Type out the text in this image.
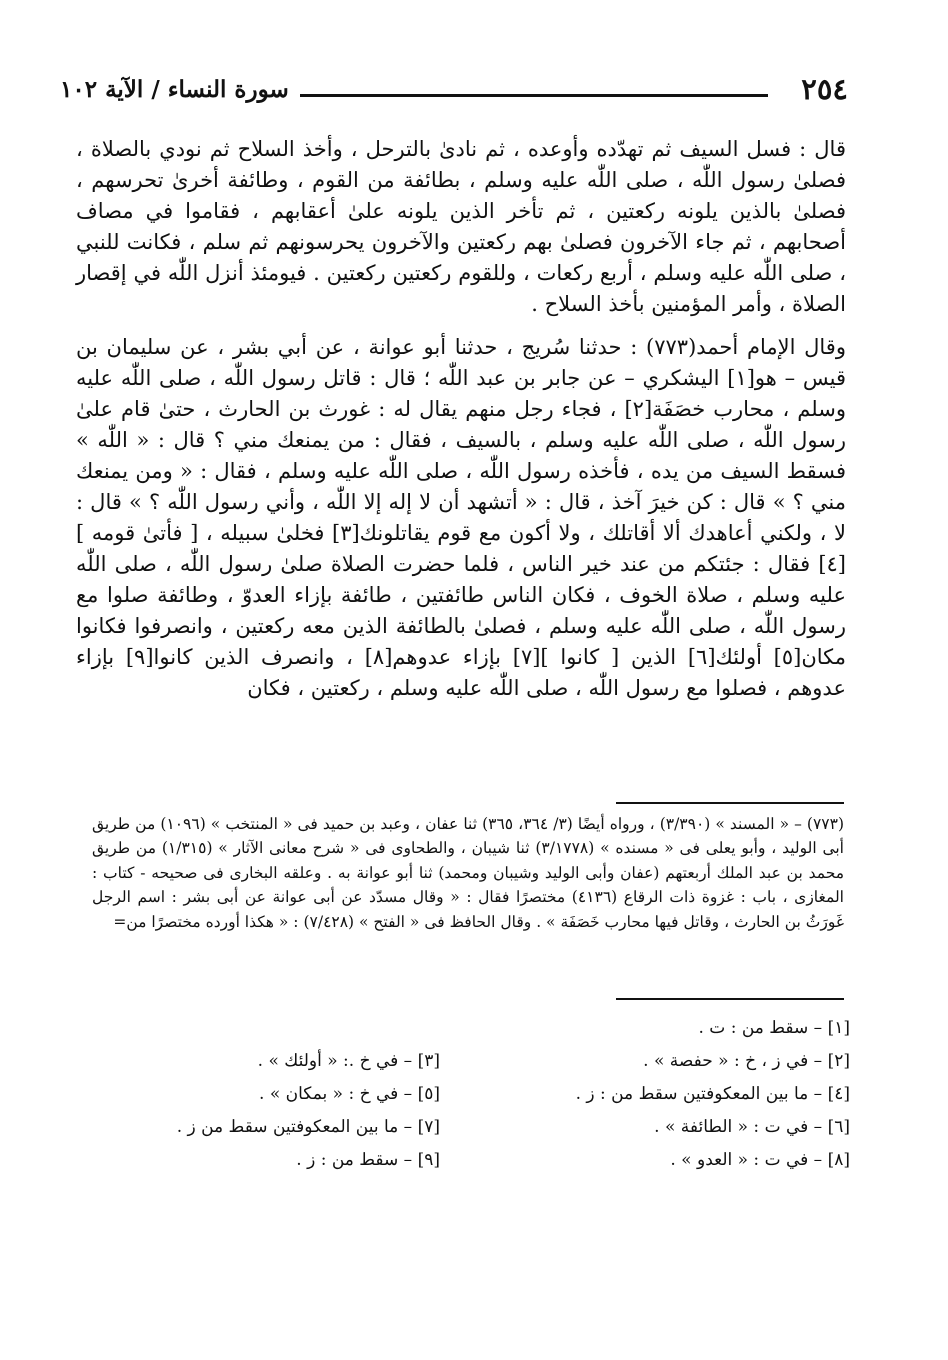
٢٥٤
سورة النساء / الآية ١٠٢

قال : فسل السيف ثم تهدّده وأوعده ، ثم نادىٰ بالترحل ، وأخذ السلاح ثم نودي بالصلاة ، فصلىٰ رسول اللّٰه ، صلى اللّٰه عليه وسلم ، بطائفة من القوم ، وطائفة أخرىٰ تحرسهم ، فصلىٰ بالذين يلونه ركعتين ، ثم تأخر الذين يلونه علىٰ أعقابهم ، فقاموا في مصاف أصحابهم ، ثم جاء الآخرون فصلىٰ بهم ركعتين والآخرون يحرسونهم ثم سلم ، فكانت للنبي ، صلى اللّٰه عليه وسلم ، أربع ركعات ، وللقوم ركعتين ركعتين . فيومئذ أنزل اللّٰه في إقصار الصلاة ، وأمر المؤمنين بأخذ السلاح .

وقال الإمام أحمد(٧٧٣) : حدثنا سُريج ، حدثنا أبو عوانة ، عن أبي بشر ، عن سليمان بن قيس – هو[١] اليشكري – عن جابر بن عبد اللّٰه ؛ قال : قاتل رسول اللّٰه ، صلى اللّٰه عليه وسلم ، محارب خصَفَة[٢] ، فجاء رجل منهم يقال له : غورث بن الحارث ، حتىٰ قام علىٰ رسول اللّٰه ، صلى اللّٰه عليه وسلم ، بالسيف ، فقال : من يمنعك مني ؟ قال : « اللّٰه » فسقط السيف من يده ، فأخذه رسول اللّٰه ، صلى اللّٰه عليه وسلم ، فقال : « ومن يمنعك مني ؟ » قال : كن خيرَ آخذ ، قال : « أتشهد أن لا إله إلا اللّٰه ، وأني رسول اللّٰه ؟ » قال : لا ، ولكني أعاهدك ألا أقاتلك ، ولا أكون مع قوم يقاتلونك[٣] فخلىٰ سبيله ، [ فأتىٰ قومه ][٤] فقال : جئتكم من عند خير الناس ، فلما حضرت الصلاة صلىٰ رسول اللّٰه ، صلى اللّٰه عليه وسلم ، صلاة الخوف ، فكان الناس طائفتين ، طائفة بإزاء العدوّ ، وطائفة صلوا مع رسول اللّٰه ، صلى اللّٰه عليه وسلم ، فصلىٰ بالطائفة الذين معه ركعتين ، وانصرفوا فكانوا مكان[٥] أولئك[٦] الذين [ كانوا ][٧] بإزاء عدوهم[٨] ، وانصرف الذين كانوا[٩] بإزاء عدوهم ، فصلوا مع رسول اللّٰه ، صلى اللّٰه عليه وسلم ، ركعتين ، فكان

(٧٧٣) – « المسند » (٣/٣٩٠) ، ورواه أيضًا (٣/ ٣٦٤، ٣٦٥) ثنا عفان ، وعبد بن حميد فى « المنتخب » (١٠٩٦) من طريق أبى الوليد ، وأبو يعلى فى « مسنده » (٣/١٧٧٨) ثنا شيبان ، والطحاوى فى « شرح معانى الآثار » (١/٣١٥) من طريق محمد بن عبد الملك أربعتهم (عفان وأبى الوليد وشيبان ومحمد) ثنا أبو عوانة به . وعلقه البخارى فى صحيحه - كتاب : المغازى ، باب : غزوة ذات الرقاع (٤١٣٦) مختصرًا فقال : « وقال مسدّد عن أبى عوانة عن أبى بشر : اسم الرجل غَورَثُ بن الحارث ، وقاتل فيها محارب خَصَفَة » . وقال الحافظ فى « الفتح » (٧/٤٢٨) : « هكذا أورده مختصرًا من=
[١] – سقط من : ت .
[٢] – في ز ، خ : « حفصة » .
[٤] – ما بين المعكوفتين سقط من : ز .
[٦] – في ت : « الطائفة » .
[٨] – في ت : « العدو » .
[٣] – في خ .: « أولئك » .
[٥] – في خ : « بمكان » .
[٧] – ما بين المعكوفتين سقط من ز .
[٩] – سقط من : ز .
